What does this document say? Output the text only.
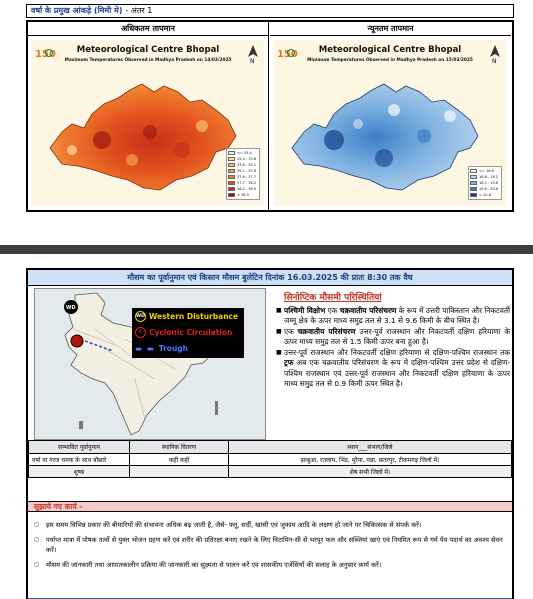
वर्षा के प्रमुख आंकड़े (मिमी मे) - अंतर 1
अधिकतम तापमान
150	Meteorological Centre Bhopal
Maximum Temperatures Observed in Madhya Pradesh on 14/03/2025	N
<= 25.4
25.4 - 33.8
33.8 - 35.1
35.1 - 37.6
37.6 - 37.7
37.7 - 38.2
38.2 - 38.9
> 38.9
न्यूनतम तापमान
150	Meteorological Centre Bhopal
Minimum Temperatures Observed in Madhya Pradesh on 15/03/2025	N
<= 16.8
16.8 - 18.2
18.2 - 19.6
19.6 - 20.8
> 20.8
मौसम का पूर्वानुमान एवं किसान मौसम बुलेटिन दिनांक 16.03.2025 की प्रातः 8:30 तक वैध
WD
WD Western Disturbance
C Cyclonic Circulation
▬ ▬ Trough
सिनोप्टिक मौसमी परिस्थितियां
■ पश्चिमी विक्षोभ एक चक्रवातीय परिसंचरण के रूप में उत्तरी पाकिस्तान और निकटवर्ती जम्मू क्षेत्र के ऊपर माध्य समुद्र तल से 3.1 से 9.6 किमी के बीच स्थित है।
■ एक चक्रवातीय परिसंचरण उत्तर-पूर्व राजस्थान और निकटवर्ती दक्षिण हरियाणा के ऊपर माध्य समुद्र तल से 1.5 किमी ऊपर बना हुआ है।
■ उत्तर-पूर्व राजस्थान और निकटवर्ती दक्षिण हरियाणा से दक्षिण-पश्चिम राजस्थान तक ट्रफ अब एक चक्रवातीय परिसंचरण के रूप में दक्षिण-पश्चिम उत्तर प्रदेश से दक्षिण-पश्चिम राजस्थान एवं उत्तर-पूर्व राजस्थान और निकटवर्ती दक्षिण हरियाणा के ऊपर माध्य समुद्र तल से 0.9 किमी ऊपर स्थित है।
सम्भावित पूर्वानुमान	स्थानिक वितरण	स्थान___संभाग/जिले
वर्षा या गरज चमक के साथ बौछारे	कहीं कहीं	झाबुआ, रतलाम, भिंड, मुरैना, पन्ना, छतरपुर, टीकमगढ़ जिलों में।
शुष्क		शेष सभी जिलों में।
सुझाये गए कार्य -
○ इस समय विभिन्न प्रकार की बीमारियों की संभावना अधिक बढ़ जाती है, जैसे- फ्लू, सर्दी, खांसी एवं जुकाम आदि के लक्षण हो जाने पर चिकित्सक से संपर्क करें।
○ पर्याप्त मात्रा में पोषक तत्वों से युक्त भोजन ग्रहण करें एवं शरीर की प्रतिरक्षा बनाए रखने के लिए विटामिन-सी से भरपूर फल और सब्जियां खाएं एवं नियमित रूप से गर्म पेय पदार्थ का अवश्य सेवन करें।
○ मौसम की जानकारी तथा आपातकालीन प्रक्रिया की जानकारी का सूक्ष्मता से पालन करें एवं शासकीय एजेंसियों की सलाह के अनुसार कार्य करें।
